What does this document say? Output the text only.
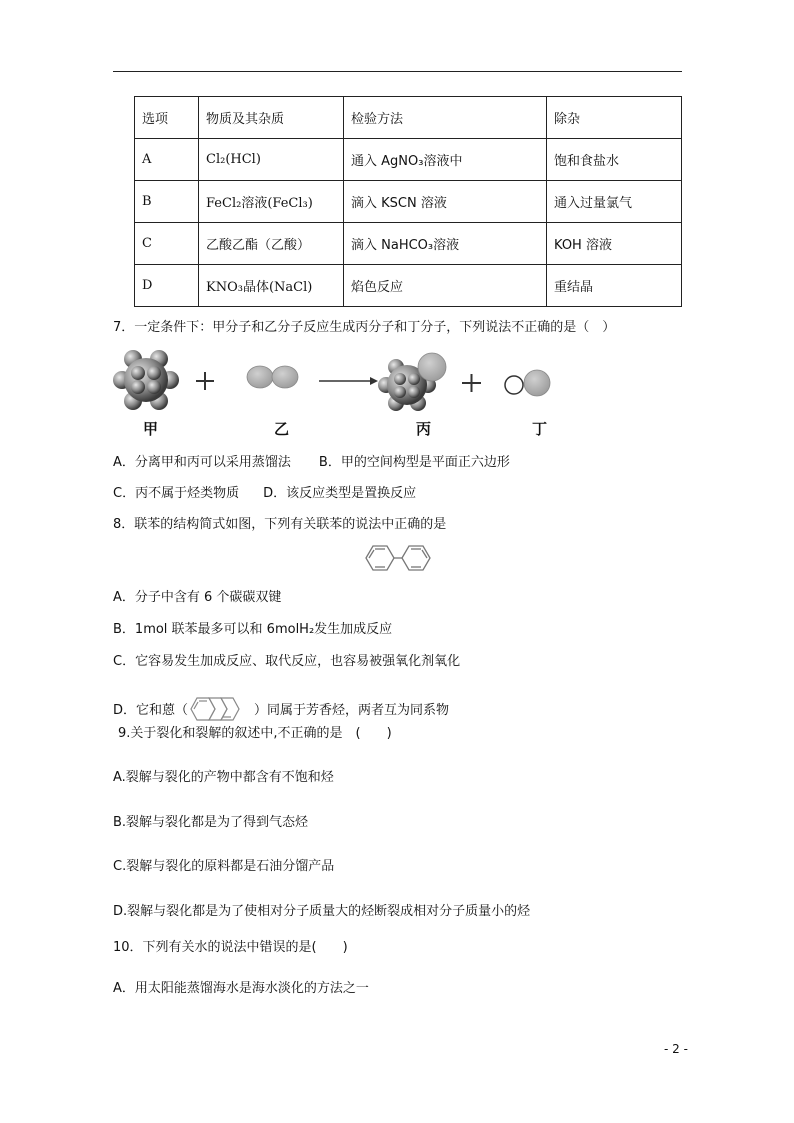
选项	物质及其杂质	检验方法	除杂
A	Cl₂(HCl)	通入 AgNO₃溶液中	饱和食盐水
B	FeCl₂溶液(FeCl₃)	滴入 KSCN 溶液	通入过量氯气
C	乙酸乙酯（乙酸）	滴入 NaHCO₃溶液	KOH 溶液
D	KNO₃晶体(NaCl)	焰色反应	重结晶
7．一定条件下：甲分子和乙分子反应生成丙分子和丁分子，下列说法不正确的是（　）
甲	乙	丙	丁
A．分离甲和丙可以采用蒸馏法 B．甲的空间构型是平面正六边形
C．丙不属于烃类物质 D．该反应类型是置换反应
8．联苯的结构简式如图，下列有关联苯的说法中正确的是
A．分子中含有 6 个碳碳双键
B．1mol 联苯最多可以和 6molH₂发生加成反应
C．它容易发生加成反应、取代反应，也容易被强氧化剂氧化
D．它和蒽（	）同属于芳香烃，两者互为同系物
9.关于裂化和裂解的叙述中,不正确的是　(　　)
A.裂解与裂化的产物中都含有不饱和烃
B.裂解与裂化都是为了得到气态烃
C.裂解与裂化的原料都是石油分馏产品
D.裂解与裂化都是为了使相对分子质量大的烃断裂成相对分子质量小的烃
10．下列有关水的说法中错误的是(　　)
A．用太阳能蒸馏海水是海水淡化的方法之一
- 2 -
